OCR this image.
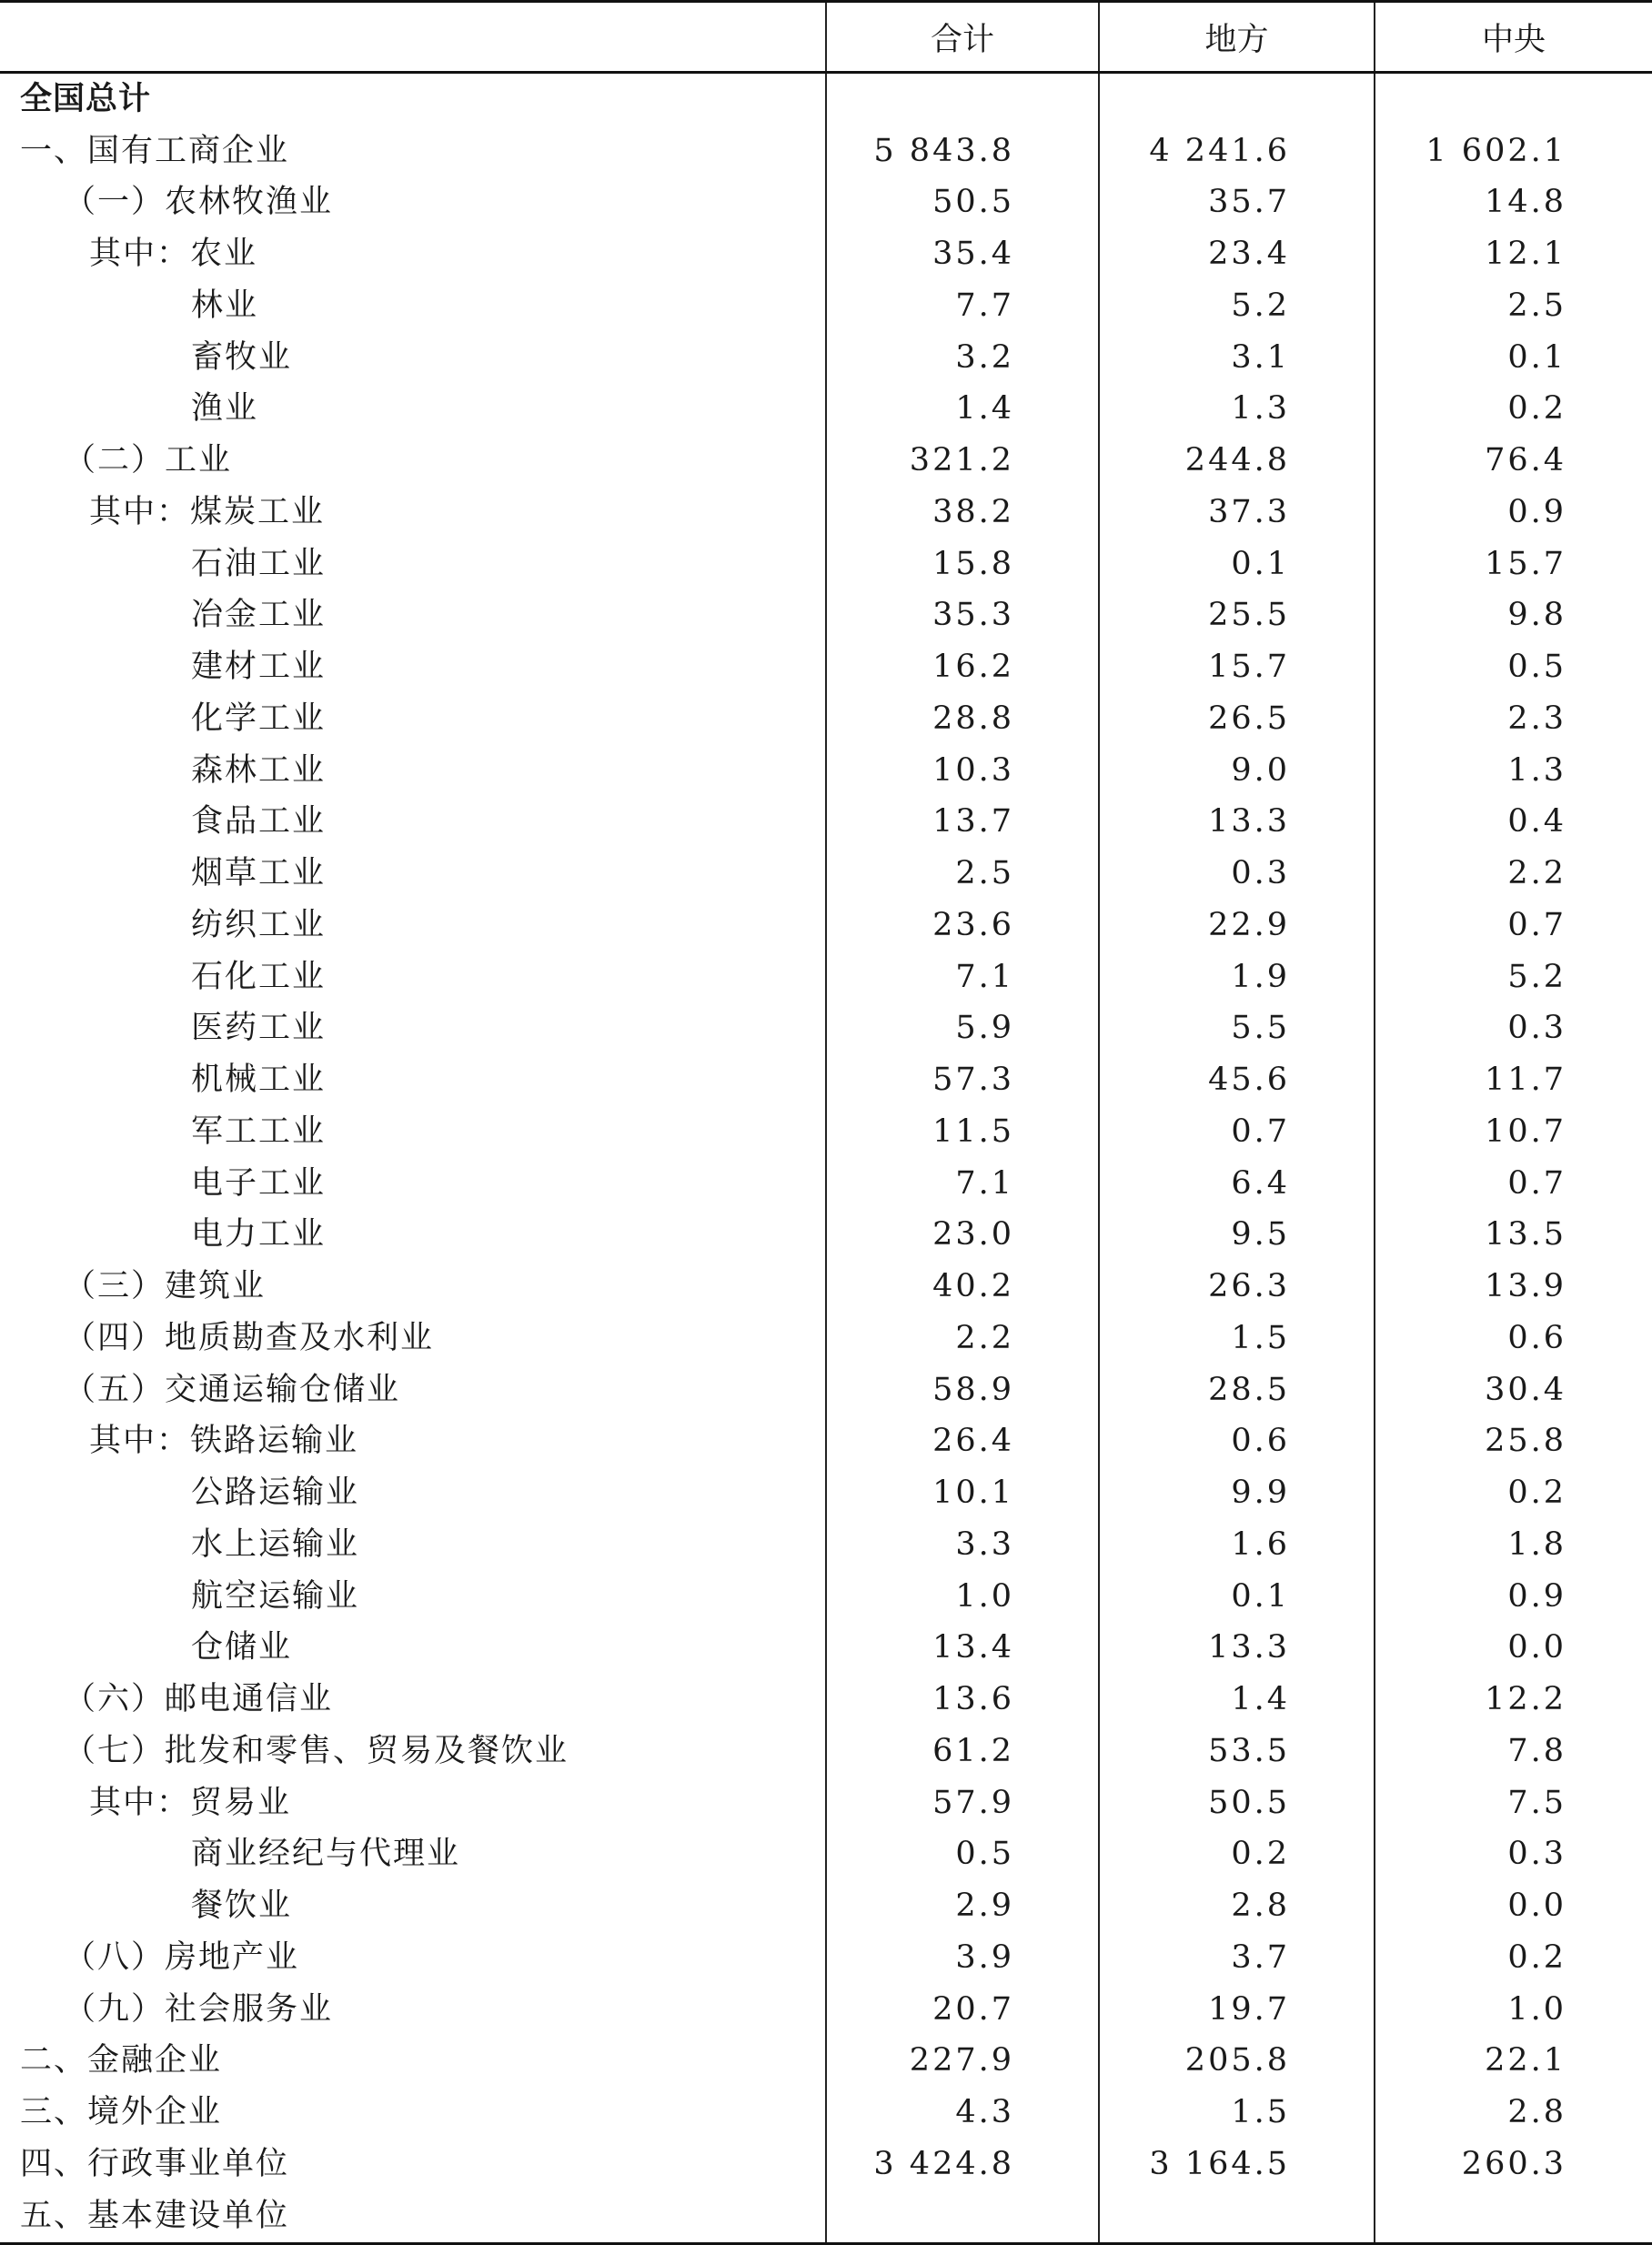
	合计	地方	中央
全国总计			
一、国有工商企业	5 843.8	4 241.6	1 602.1
（一）农林牧渔业	50.5	35.7	14.8
其中：农业	35.4	23.4	12.1
林业	7.7	5.2	2.5
畜牧业	3.2	3.1	0.1
渔业	1.4	1.3	0.2
（二）工业	321.2	244.8	76.4
其中：煤炭工业	38.2	37.3	0.9
石油工业	15.8	0.1	15.7
冶金工业	35.3	25.5	9.8
建材工业	16.2	15.7	0.5
化学工业	28.8	26.5	2.3
森林工业	10.3	9.0	1.3
食品工业	13.7	13.3	0.4
烟草工业	2.5	0.3	2.2
纺织工业	23.6	22.9	0.7
石化工业	7.1	1.9	5.2
医药工业	5.9	5.5	0.3
机械工业	57.3	45.6	11.7
军工工业	11.5	0.7	10.7
电子工业	7.1	6.4	0.7
电力工业	23.0	9.5	13.5
（三）建筑业	40.2	26.3	13.9
（四）地质勘查及水利业	2.2	1.5	0.6
（五）交通运输仓储业	58.9	28.5	30.4
其中：铁路运输业	26.4	0.6	25.8
公路运输业	10.1	9.9	0.2
水上运输业	3.3	1.6	1.8
航空运输业	1.0	0.1	0.9
仓储业	13.4	13.3	0.0
（六）邮电通信业	13.6	1.4	12.2
（七）批发和零售、贸易及餐饮业	61.2	53.5	7.8
其中：贸易业	57.9	50.5	7.5
商业经纪与代理业	0.5	0.2	0.3
餐饮业	2.9	2.8	0.0
（八）房地产业	3.9	3.7	0.2
（九）社会服务业	20.7	19.7	1.0
二、金融企业	227.9	205.8	22.1
三、境外企业	4.3	1.5	2.8
四、行政事业单位	3 424.8	3 164.5	260.3
五、基本建设单位			
